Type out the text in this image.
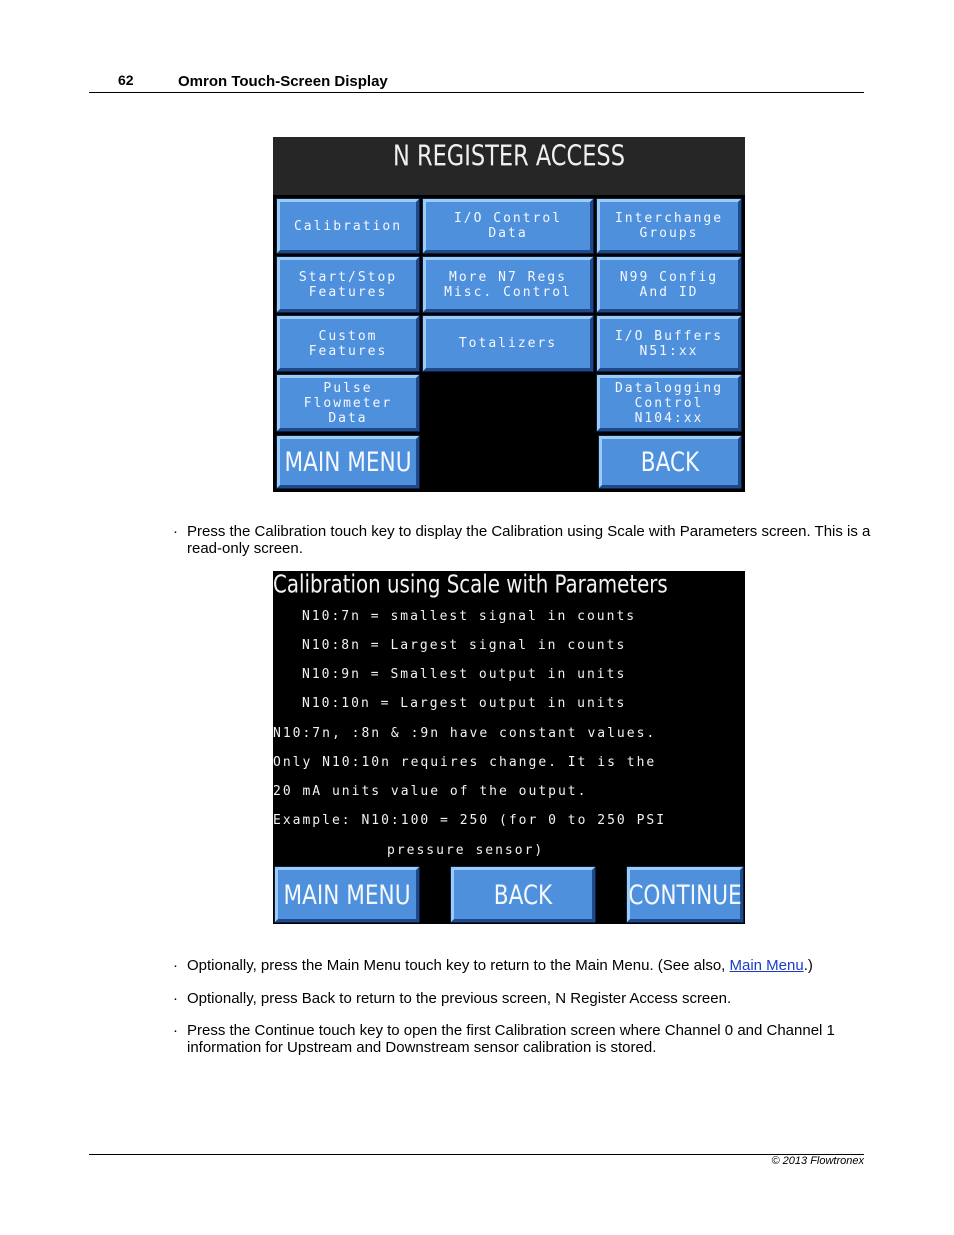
62	Omron Touch-Screen Display
N REGISTER ACCESS
Calibration	I/O Control
Data
Interchange
Groups
Start/Stop
Features
More N7 Regs
Misc. Control
N99 Config
And ID
Custom
Features	Totalizers	I/O Buffers
N51:xx
Pulse
Flowmeter
Data
Datalogging
Control
N104:xx
MAIN MENU	BACK
· Press the Calibration touch key to display the Calibration using Scale with Parameters screen. This is a read-only screen.
Calibration using Scale with Parameters
N10:7n = smallest signal in counts
N10:8n = Largest signal in counts
N10:9n = Smallest output in units
N10:10n = Largest output in units
N10:7n, :8n & :9n have constant values.
Only N10:10n requires change. It is the
20 mA units value of the output.
Example: N10:100 = 250 (for 0 to 250 PSI
pressure sensor)
MAIN MENU	BACK	CONTINUE
· Optionally, press the Main Menu touch key to return to the Main Menu. (See also, Main Menu.)
· Optionally, press Back to return to the previous screen, N Register Access screen.
· Press the Continue touch key to open the first Calibration screen where Channel 0 and Channel 1 information for Upstream and Downstream sensor calibration is stored.
© 2013 Flowtronex
